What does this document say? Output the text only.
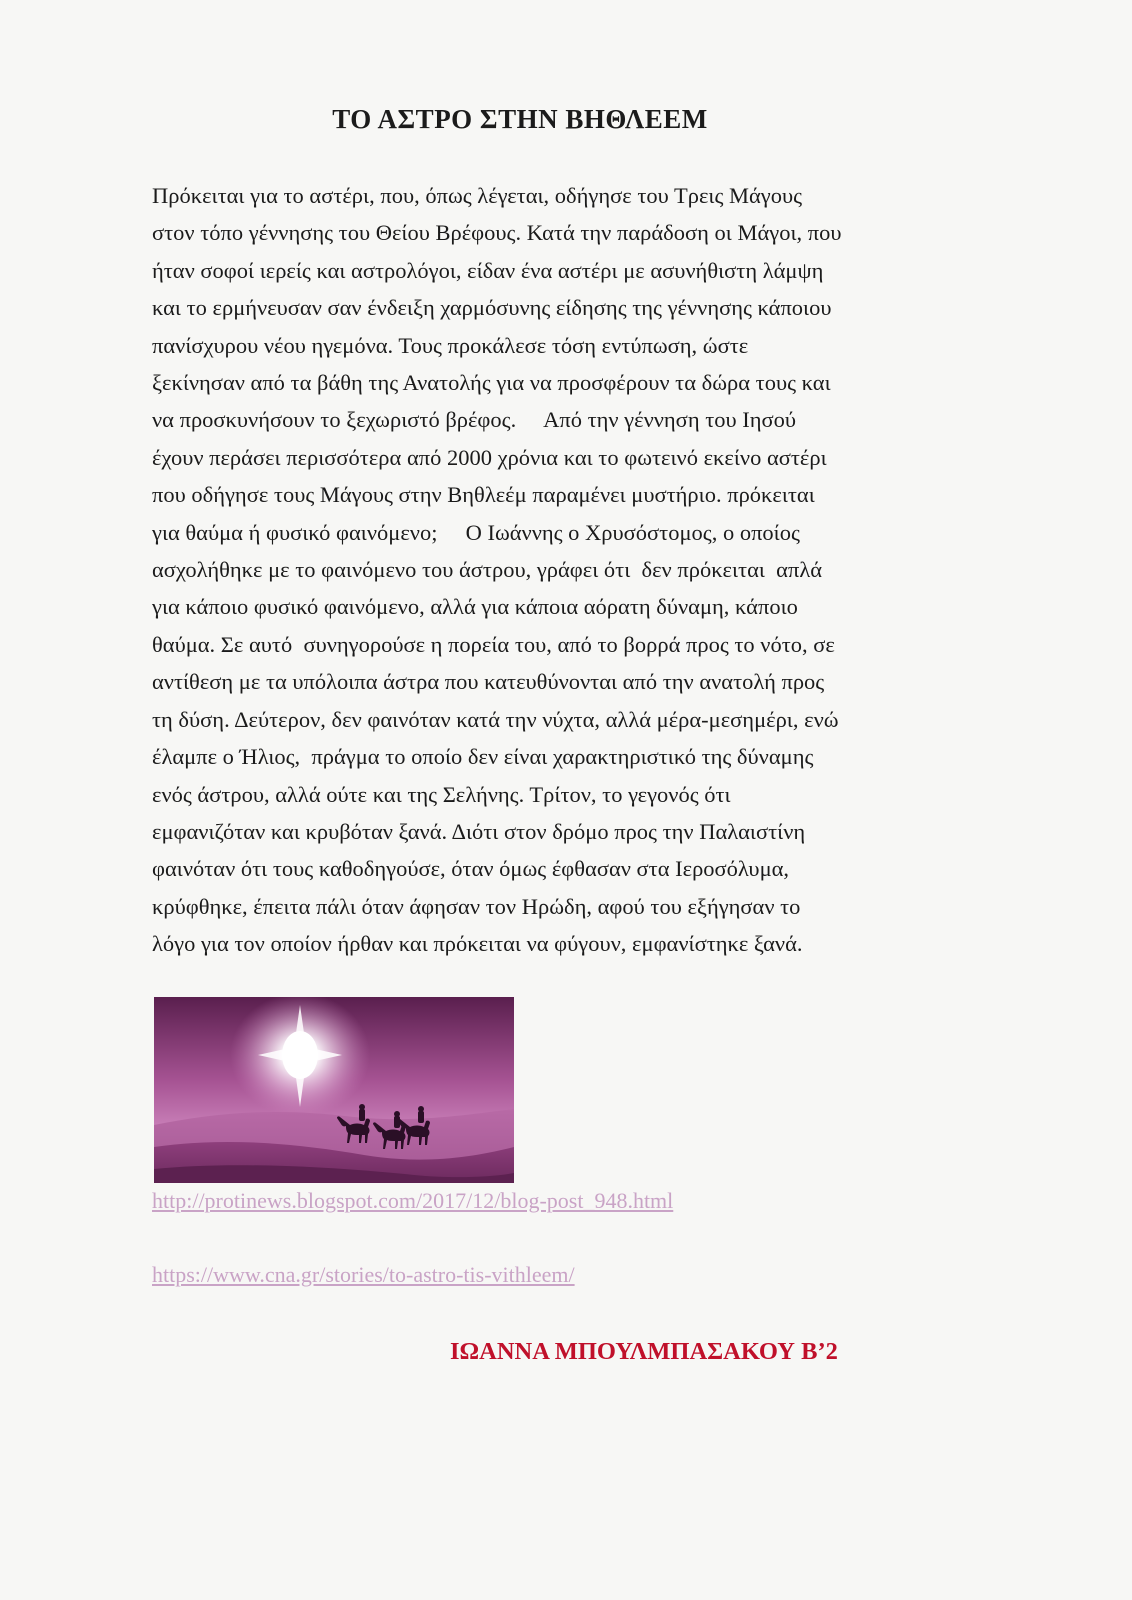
ΤΟ ΑΣΤΡΟ ΣΤΗΝ ΒΗΘΛΕΕΜ

Πρόκειται για το αστέρι, που, όπως λέγεται, οδήγησε του Τρεις Μάγους
στον τόπο γέννησης του Θείου Βρέφους. Κατά την παράδοση οι Μάγοι, που
ήταν σοφοί ιερείς και αστρολόγοι, είδαν ένα αστέρι με ασυνήθιστη λάμψη
και το ερμήνευσαν σαν ένδειξη χαρμόσυνης είδησης της γέννησης κάποιου
πανίσχυρου νέου ηγεμόνα. Τους προκάλεσε τόση εντύπωση, ώστε
ξεκίνησαν από τα βάθη της Ανατολής για να προσφέρουν τα δώρα τους και
να προσκυνήσουν το ξεχωριστό βρέφος.     Από την γέννηση του Ιησού
έχουν περάσει περισσότερα από 2000 χρόνια και το φωτεινό εκείνο αστέρι
που οδήγησε τους Μάγους στην Βηθλεέμ παραμένει μυστήριο. πρόκειται
για θαύμα ή φυσικό φαινόμενο;     Ο Ιωάννης ο Χρυσόστομος, ο οποίος
ασχολήθηκε με το φαινόμενο του άστρου, γράφει ότι  δεν πρόκειται  απλά
για κάποιο φυσικό φαινόμενο, αλλά για κάποια αόρατη δύναμη, κάποιο
θαύμα. Σε αυτό  συνηγορούσε η πορεία του, από το βορρά προς το νότο, σε
αντίθεση με τα υπόλοιπα άστρα που κατευθύνονται από την ανατολή προς
τη δύση. Δεύτερον, δεν φαινόταν κατά την νύχτα, αλλά μέρα-μεσημέρι, ενώ
έλαμπε ο Ήλιος,  πράγμα το οποίο δεν είναι χαρακτηριστικό της δύναμης
ενός άστρου, αλλά ούτε και της Σελήνης. Τρίτον, το γεγονός ότι
εμφανιζόταν και κρυβόταν ξανά. Διότι στον δρόμο προς την Παλαιστίνη
φαινόταν ότι τους καθοδηγούσε, όταν όμως έφθασαν στα Ιεροσόλυμα,
κρύφθηκε, έπειτα πάλι όταν άφησαν τον Ηρώδη, αφού του εξήγησαν το
λόγο για τον οποίον ήρθαν και πρόκειται να φύγουν, εμφανίστηκε ξανά.

http://protinews.blogspot.com/2017/12/blog-post_948.html
https://www.cna.gr/stories/to-astro-tis-vithleem/

ΙΩΑΝΝΑ ΜΠΟΥΛΜΠΑΣΑΚΟΥ Β’2
